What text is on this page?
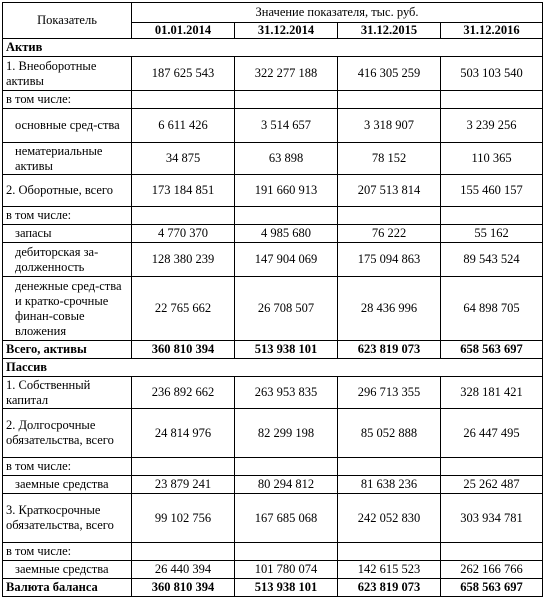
Показатель	Значение показателя, тыс. руб.			
	01.01.2014	31.12.2014	31.12.2015	31.12.2016
Актив				
1. Внеоборотные активы	187 625 543	322 277 188	416 305 259	503 103 540
в том числе:				
основные сред-ства	6 611 426	3 514 657	3 318 907	3 239 256
нематериальные активы	34 875	63 898	78 152	110 365
2. Оборотные, всего	173 184 851	191 660 913	207 513 814	155 460 157
в том числе:				
запасы	4 770 370	4 985 680	76 222	55 162
дебиторская за-долженность	128 380 239	147 904 069	175 094 863	89 543 524
денежные сред-ства и кратко-срочные финан-совые вложения	22 765 662	26 708 507	28 436 996	64 898 705
Всего, активы	360 810 394	513 938 101	623 819 073	658 563 697
Пассив				
1. Собственный капитал	236 892 662	263 953 835	296 713 355	328 181 421
2. Долгосрочные обязательства, всего	24 814 976	82 299 198	85 052 888	26 447 495
в том числе:				
заемные средства	23 879 241	80 294 812	81 638 236	25 262 487
3. Краткосрочные обязательства, всего	99 102 756	167 685 068	242 052 830	303 934 781
в том числе:				
заемные средства	26 440 394	101 780 074	142 615 523	262 166 766
Валюта баланса	360 810 394	513 938 101	623 819 073	658 563 697
